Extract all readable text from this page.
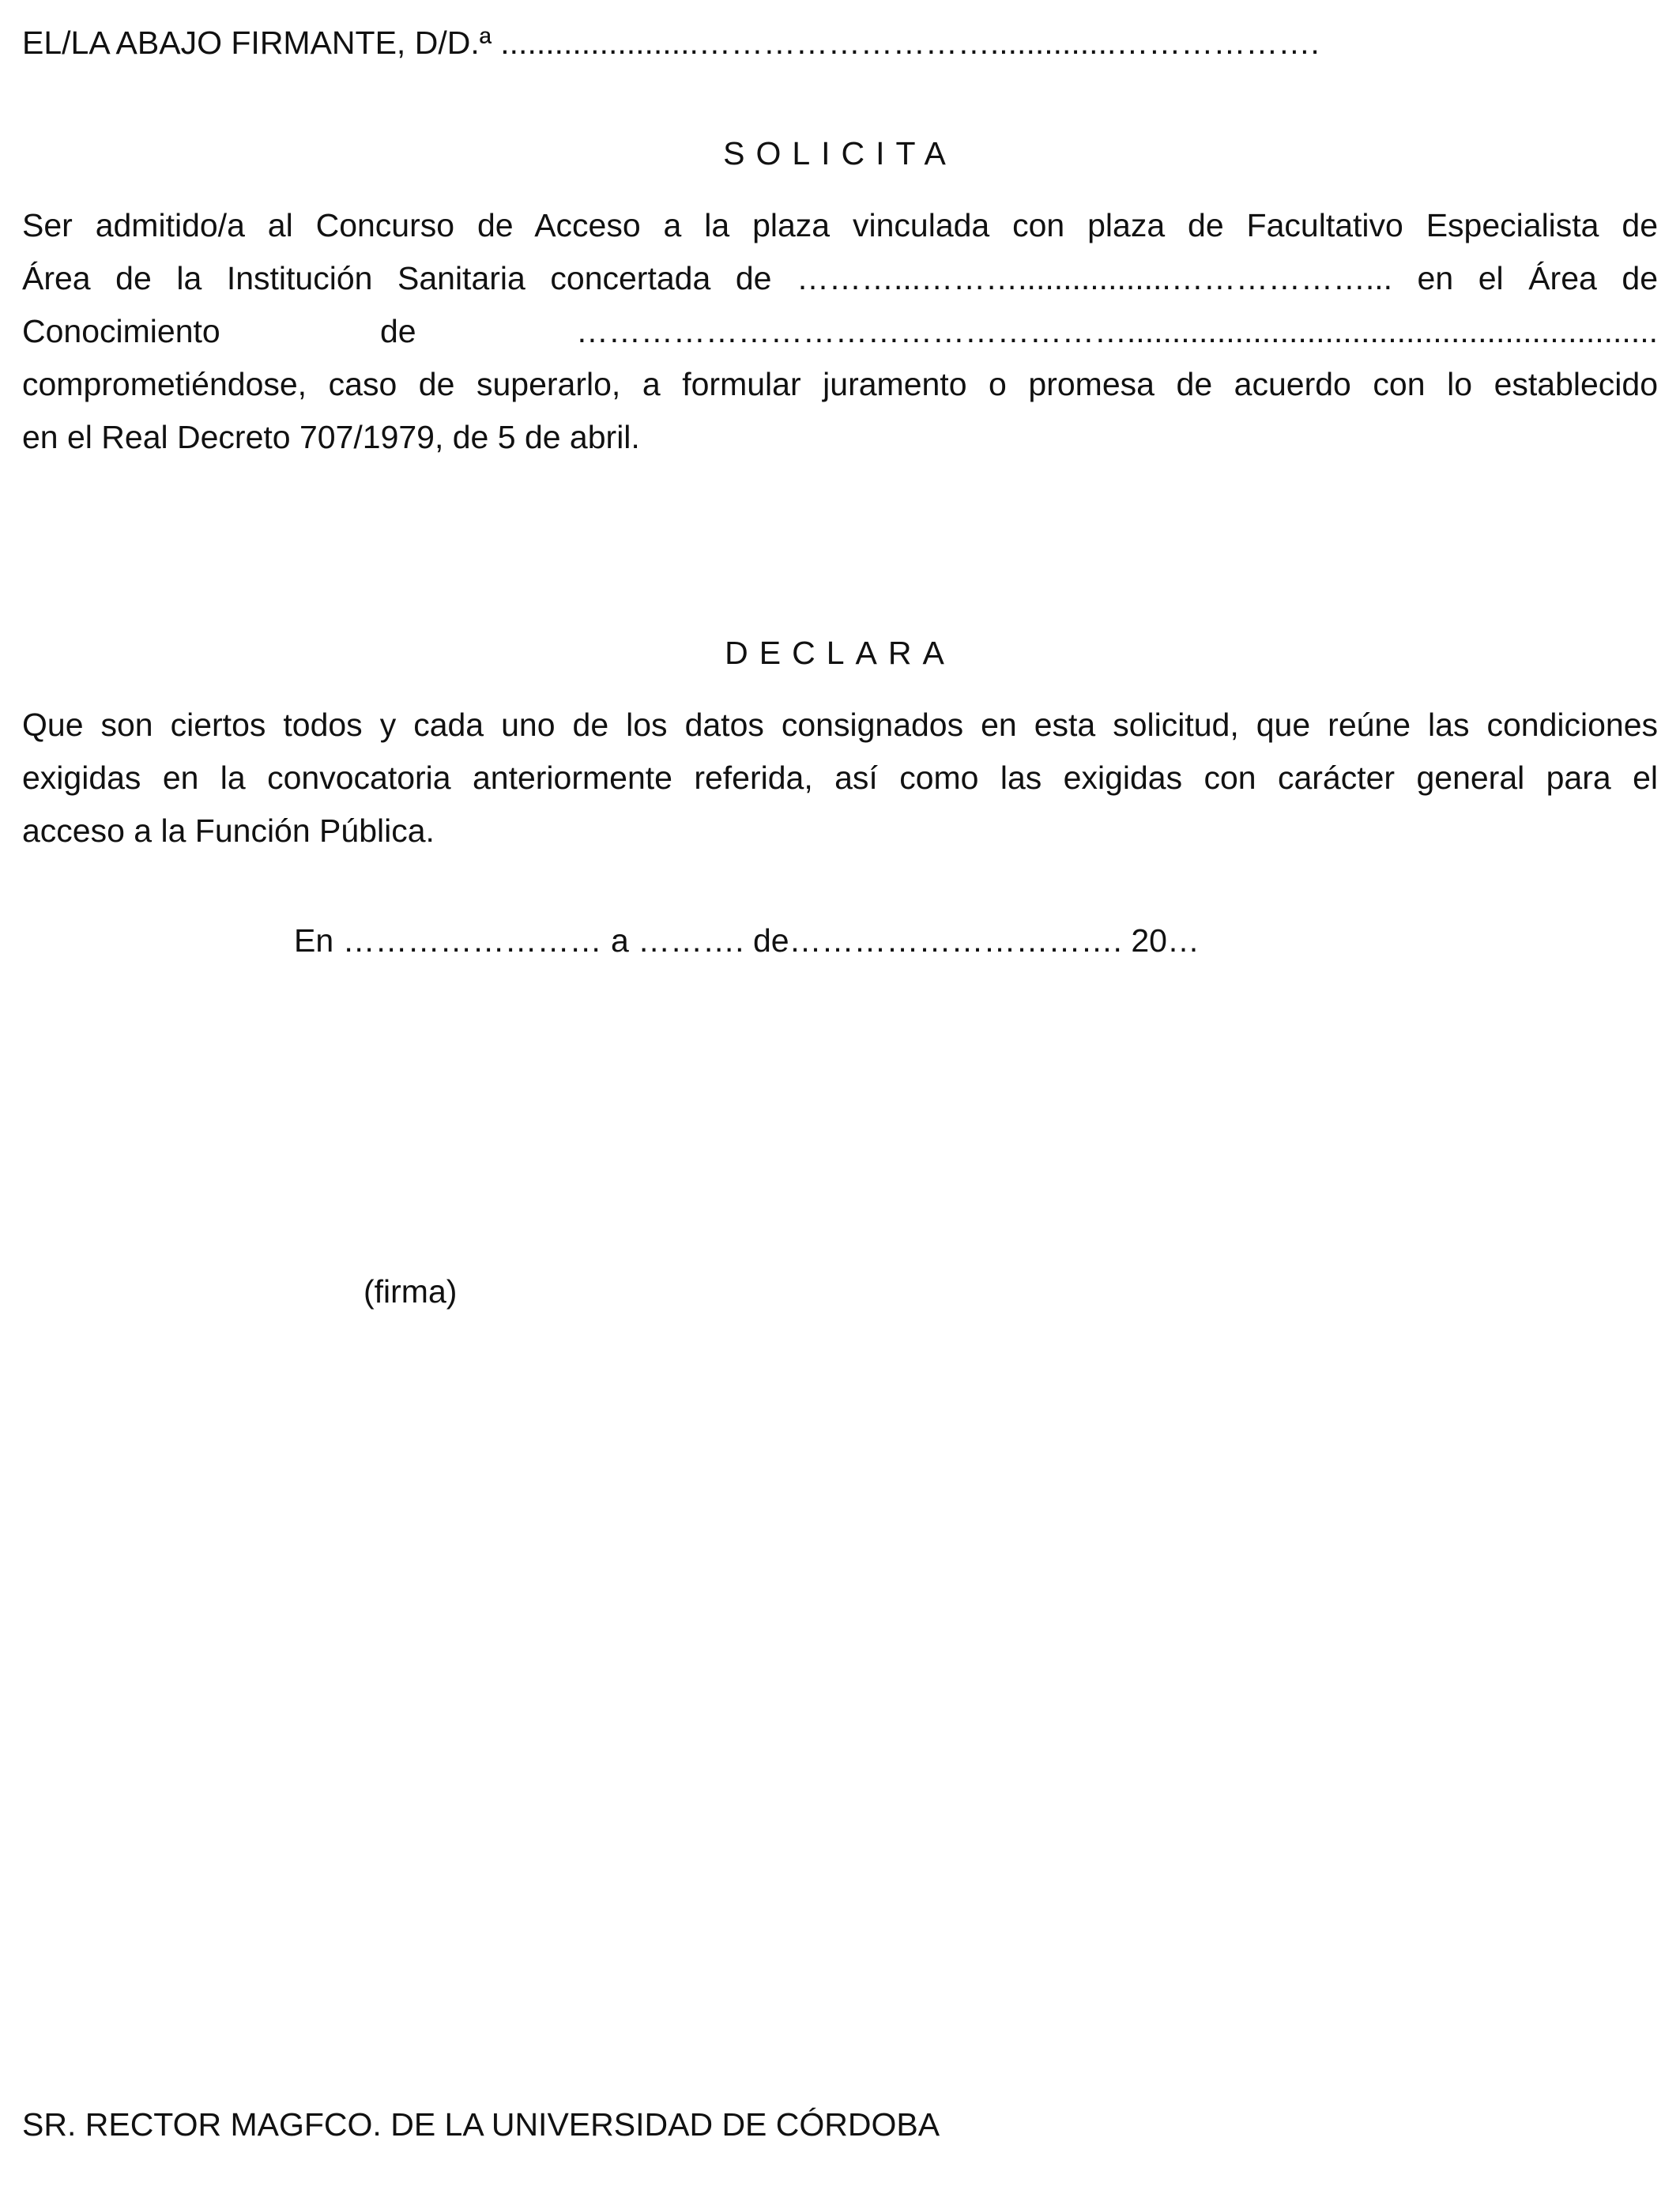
EL/LA ABAJO FIRMANTE, D/D.ª ......................………………………..............……………….
SOLICITA
Ser admitido/a al Concurso de Acceso a la plaza vinculada con plaza de Facultativo Especialista de
Área de la Institución Sanitaria concertada de ………...……….................………………... en el Área de
Conocimiento de ……………………………………………...........................................................
comprometiéndose, caso de superarlo, a formular juramento o promesa de acuerdo con lo establecido
en el Real Decreto 707/1979, de 5 de abril.
DECLARA
Que son ciertos todos y cada uno de los datos consignados en esta solicitud, que reúne las condiciones
exigidas en la convocatoria anteriormente referida, así como las exigidas con carácter general para el
acceso a la Función Pública.
En …………………… a ………. de…………………………. 20…
(firma)
SR. RECTOR MAGFCO. DE LA UNIVERSIDAD DE CÓRDOBA
